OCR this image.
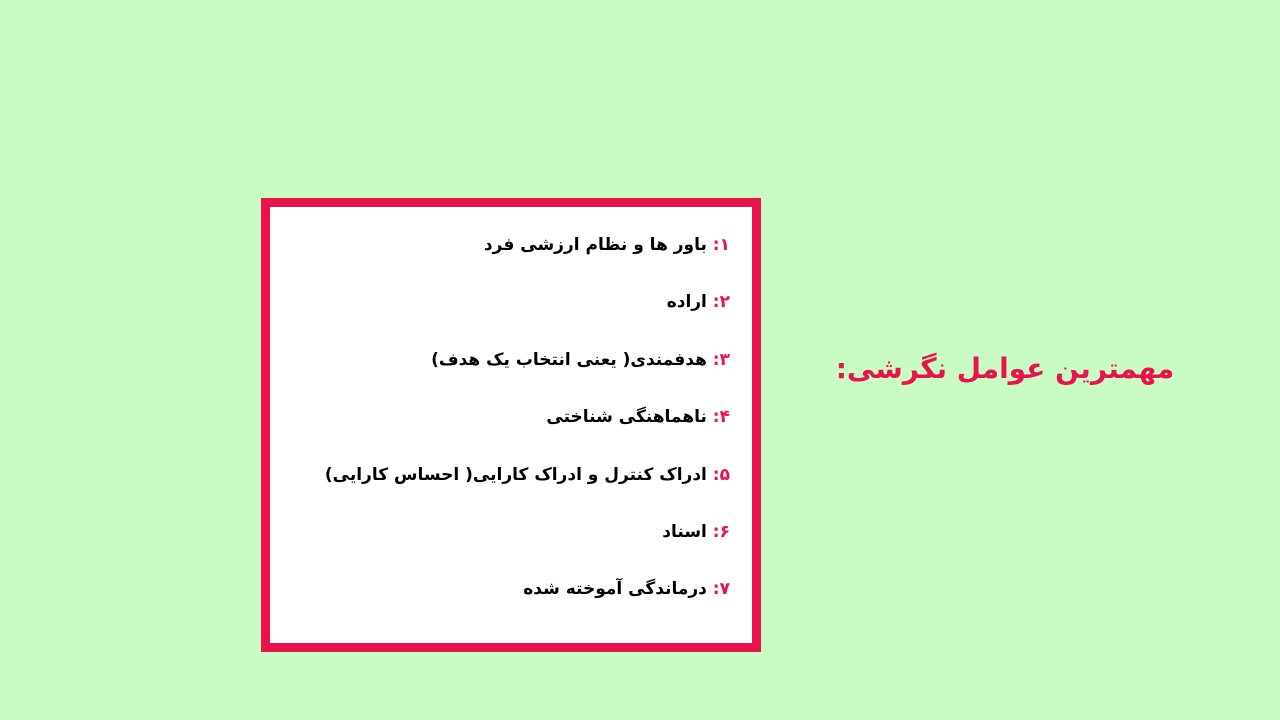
مهمترین عوامل نگرشی:
۱: باور ها و نظام ارزشی فرد
۲: اراده
۳: هدفمندی( یعنی انتخاب یک هدف)
۴: ناهماهنگی شناختی
۵: ادراک کنترل و ادراک کارایی( احساس کارایی)
۶: اسناد
۷: درماندگی آموخته شده
